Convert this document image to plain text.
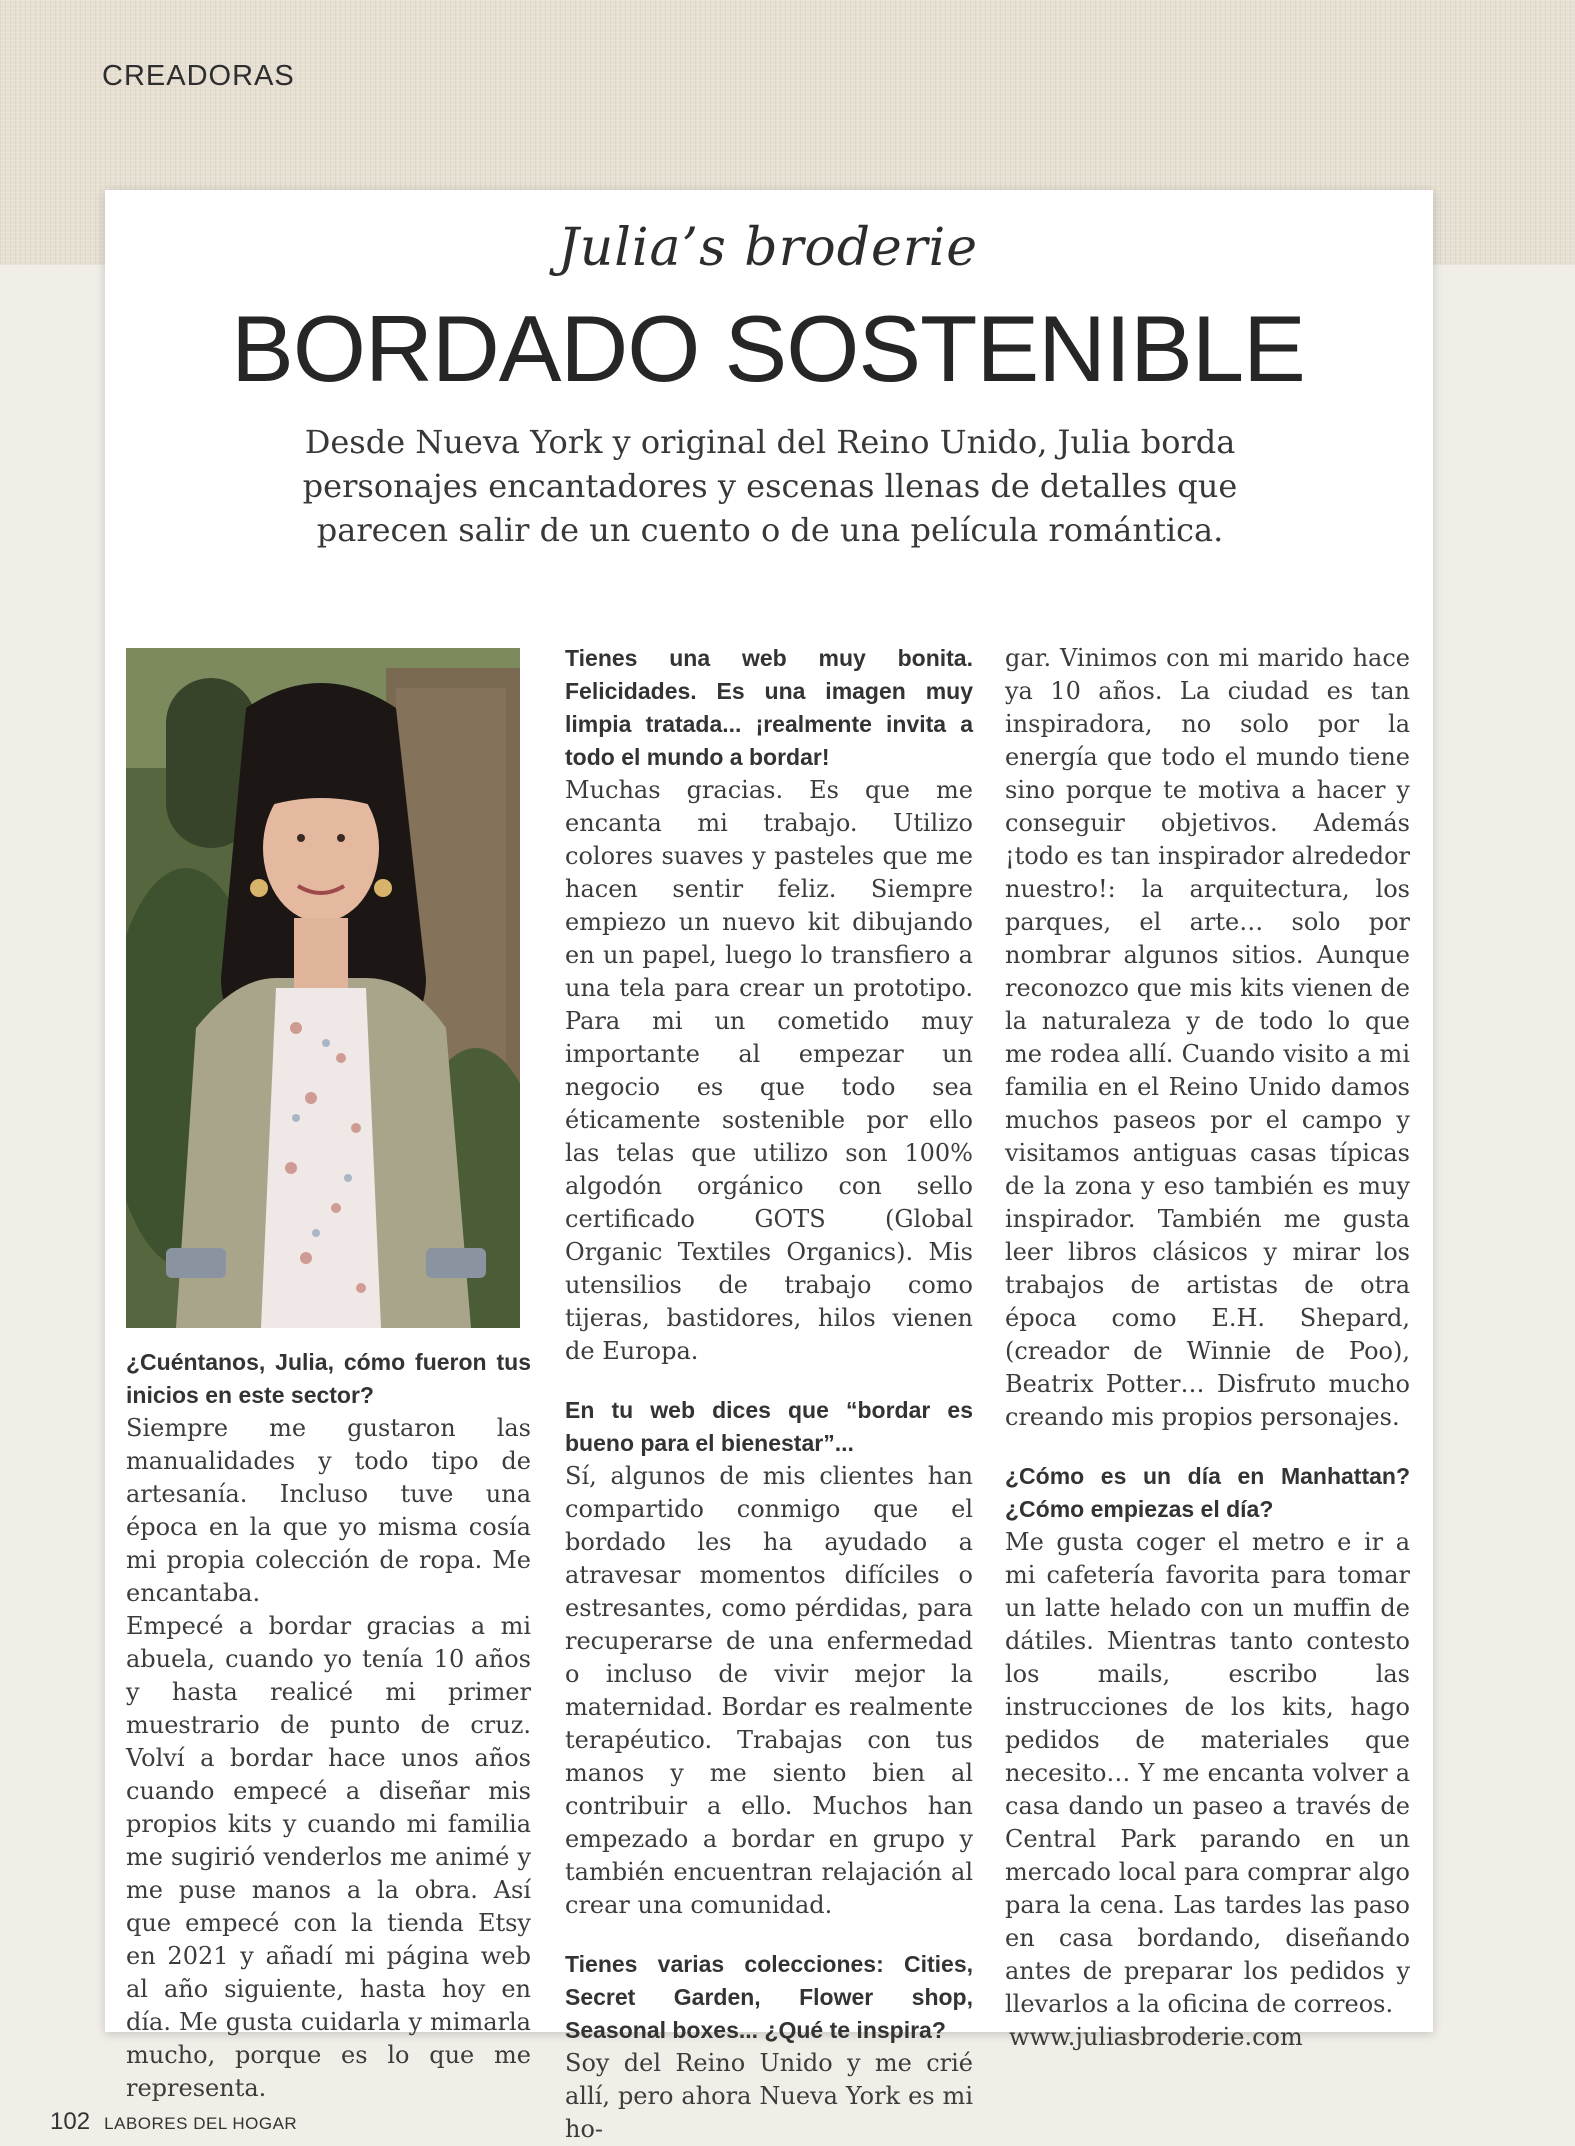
CREADORAS
Julia’s broderie
BORDADO SOSTENIBLE
Desde Nueva York y original del Reino Unido, Julia borda personajes encantadores y escenas llenas de detalles que parecen salir de un cuento o de una película romántica.

¿Cuéntanos, Julia, cómo fueron tus inicios en este sector?

Siempre me gustaron las manualidades y todo tipo de artesanía. Incluso tuve una época en la que yo misma cosía mi propia colección de ropa. Me encantaba.

Empecé a bordar gracias a mi abuela, cuando yo tenía 10 años y hasta realicé mi primer muestrario de punto de cruz. Volví a bordar hace unos años cuando empecé a diseñar mis propios kits y cuando mi familia me sugirió venderlos me animé y me puse manos a la obra. Así que empecé con la tienda Etsy en 2021 y añadí mi página web al año siguiente, hasta hoy en día. Me gusta cuidarla y mimarla mucho, porque es lo que me representa.

Tienes una web muy bonita. Felicidades. Es una imagen muy limpia tratada... ¡realmente invita a todo el mundo a bordar!

Muchas gracias. Es que me encanta mi trabajo. Utilizo colores suaves y pasteles que me hacen sentir feliz. Siempre empiezo un nuevo kit dibujando en un papel, luego lo transfiero a una tela para crear un prototipo. Para mi un cometido muy importante al empezar un negocio es que todo sea éticamente sostenible por ello las telas que utilizo son 100% algodón orgánico con sello certificado GOTS (Global Organic Textiles Organics). Mis utensilios de trabajo como tijeras, bastidores, hilos vienen de Europa.

En tu web dices que “bordar es bueno para el bienestar”...

Sí, algunos de mis clientes han compartido conmigo que el bordado les ha ayudado a atravesar momentos difíciles o estresantes, como pérdidas, para recuperarse de una enfermedad o incluso de vivir mejor la maternidad. Bordar es realmente terapéutico. Trabajas con tus manos y me siento bien al contribuir a ello. Muchos han empezado a bordar en grupo y también encuentran relajación al crear una comunidad.

Tienes varias colecciones: Cities, Secret Garden, Flower shop, Seasonal boxes... ¿Qué te inspira?

Soy del Reino Unido y me crié allí, pero ahora Nueva York es mi ho-

gar. Vinimos con mi marido hace ya 10 años. La ciudad es tan inspiradora, no solo por la energía que todo el mundo tiene sino porque te motiva a hacer y conseguir objetivos. Además ¡todo es tan inspirador alrededor nuestro!: la arquitectura, los parques, el arte… solo por nombrar algunos sitios. Aunque reconozco que mis kits vienen de la naturaleza y de todo lo que me rodea allí. Cuando visito a mi familia en el Reino Unido damos muchos paseos por el campo y visitamos antiguas casas típicas de la zona y eso también es muy inspirador. También me gusta leer libros clásicos y mirar los trabajos de artistas de otra época como E.H. Shepard, (creador de Winnie de Poo), Beatrix Potter… Disfruto mucho creando mis propios personajes.

¿Cómo es un día en Manhattan? ¿Cómo empiezas el día?

Me gusta coger el metro e ir a mi cafetería favorita para tomar un latte helado con un muffin de dátiles. Mientras tanto contesto los mails, escribo las instrucciones de los kits, hago pedidos de materiales que necesito… Y me encanta volver a casa dando un paseo a través de Central Park parando en un mercado local para comprar algo para la cena. Las tardes las paso en casa bordando, diseñando antes de preparar los pedidos y llevarlos a la oficina de correos.

www.juliasbroderie.com

102 LABORES DEL HOGAR
